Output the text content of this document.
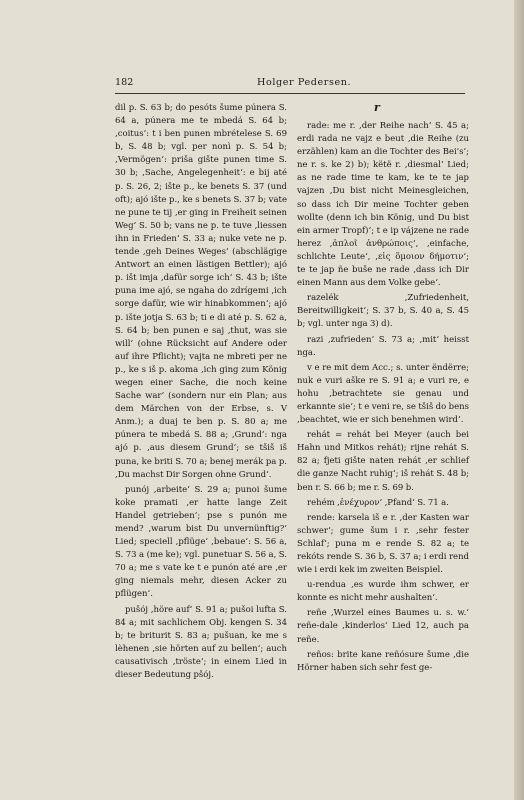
182	Holger Pedersen.

dil p. S. 63 b; do pesóts šume púnera S. 64 a, púnera me te mbedá S. 64 b; ‚coitus‘: t i ben punen mbrételese S. 69 b, S. 48 b; vgl. per nonì p. S. 54 b; ‚Vermögen‘: priša gište punen time S. 30 b; ‚Sache, Angelegenheit‘: e bij até p. S. 26, 2; ište p., ke benets S. 37 (und oft); ajó ište p., ke s benets S. 37 b; vate ne pune te tij ‚er ging in Freiheit seinen Weg‘ S. 50 b; vans ne p. te tuve ‚liessen ihn in Frieden‘ S. 33 a; nuke vete ne p. tende ‚geh Deines Weges‘ (abschlägige Antwort an einen lästigen Bettler); ajó p. išt imja ‚dafür sorge ich‘ S. 43 b; ište puna ime ajó, se ngaha do zdrígemi ‚ich sorge dafür, wie wir hinabkommen‘; ajó p. ište jotja S. 63 b; ti e di até p. S. 62 a, S. 64 b; ben punen e saj ‚thut, was sie will‘ (ohne Rücksicht auf Andere oder auf ihre Pflicht); vajta ne mbreti per ne p., ke s iš p. akoma ‚ich ging zum König wegen einer Sache, die noch keine Sache war‘ (sondern nur ein Plan; aus dem Märchen von der Erbse, s. V Anm.); a duaj te ben p. S. 80 a; me púnera te mbedá S. 88 a; ‚Grund‘: nga ajó p. ‚aus diesem Grund‘; se tšiš iš puna, ke briti S. 70 a; benej merák pa p. ‚Du machst Dir Sorgen ohne Grund‘.

punój ‚arbeite‘ S. 29 a; punoi šume koke pramati ‚er hatte lange Zeit Handel getrieben‘; pse s punón me mend? ‚warum bist Du unvernünftig?‘ Lied; speciell ‚pflüge‘ ‚bebaue‘: S. 56 a, S. 73 a (me ke); vgl. punetuar S. 56 a, S. 70 a; me s vate ke t e punón até are ‚er ging niemals mehr, diesen Acker zu pflügen‘.

pušój ‚höre auf‘ S. 91 a; pušoi lufta S. 84 a; mit sachlichem Obj. kengen S. 34 b; te briturit S. 83 a; pušuan, ke me s lèhenen ‚sie hörten auf zu bellen‘; auch causativisch ‚tröste‘; in einem Lied in dieser Bedeutung pšój.

r

rade: me r. ‚der Reihe nach‘ S. 45 a; erdi rada ne vajz e beut ‚die Reihe (zu erzählen) kam an die Tochter des Bei's‘; ne r. s. ke 2) b); këtë r. ‚diesmal‘ Lied; as ne rade time te kam, ke te te jap vajzen ‚Du bist nicht Meinesgleichen, so dass ich Dir meine Tochter geben wollte (denn ich bin König, und Du bist ein armer Tropf)‘; t e ip vájzene ne rade herez ‚ἁπλοῖ ἀνθρώποις‘, ‚einfache, schlichte Leute‘, ‚εἰς ὅμοιον δήμοτιν‘; te te jap ñe buše ne rade ‚dass ich Dir einen Mann aus dem Volke gebe‘.

razelék ‚Zufriedenheit, Bereitwilligkeit‘; S. 37 b, S. 40 a, S. 45 b; vgl. unter nga 3) d).

razi ‚zufrieden‘ S. 73 a; ‚mit‘ heisst nga.

v e re mit dem Acc.; s. unter ëndërre; nuk e vuri aške re S. 91 a; e vuri re, e hohu ‚betrachtete sie genau und erkannte sie‘; t e veni re, se tšiš do bens ‚beachtet, wie er sich benehmen wird‘.

rehát = rehát bei Meyer (auch bei Hahn und Mitkos rehát); rijne rehát S. 82 a; fjeti gište naten rehát ‚er schlief die ganze Nacht ruhig‘; iš rehát S. 48 b; ben r. S. 66 b; me r. S. 69 b.

rehém ‚ἐνέχυρον‘ ‚Pfand‘ S. 71 a.

rende: karsela iš e r. ‚der Kasten war schwer‘; gume šum i r. ‚sehr fester Schlaf‘; puna m e rende S. 82 a; te rekóts rende S. 36 b, S. 37 a; i erdi rend wie i erdi kek im zweiten Beispiel.

u-rendua ‚es wurde ihm schwer, er konnte es nicht mehr aushalten‘.

reñe ‚Wurzel eines Baumes u. s. w.‘ reñe-dale ‚kinderlos‘ Lied 12, auch pa reñe.

reños: brite kane reñósure šume ‚die Hörner haben sich sehr fest ge-
